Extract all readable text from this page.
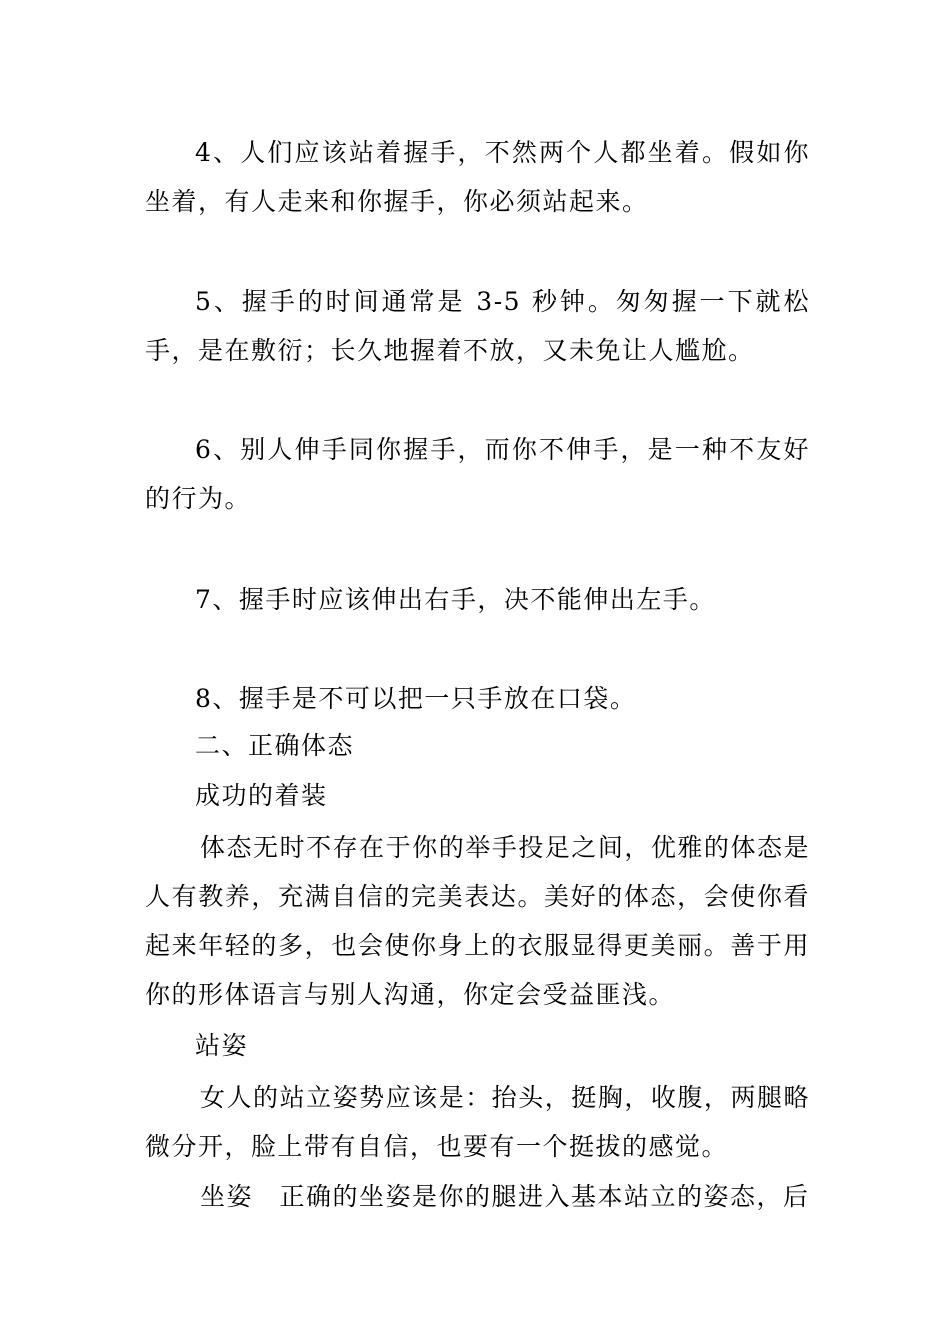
4、人们应该站着握手，不然两个人都坐着。假如你坐着，有人走来和你握手，你必须站起来。

5、握手的时间通常是 3-5 秒钟。匆匆握一下就松手，是在敷衍；长久地握着不放，又未免让人尴尬。

6、别人伸手同你握手，而你不伸手，是一种不友好的行为。

7、握手时应该伸出右手，决不能伸出左手。

8、握手是不可以把一只手放在口袋。

二、正确体态

成功的着装

体态无时不存在于你的举手投足之间，优雅的体态是人有教养，充满自信的完美表达。美好的体态，会使你看起来年轻的多，也会使你身上的衣服显得更美丽。善于用你的形体语言与别人沟通，你定会受益匪浅。

站姿

女人的站立姿势应该是：抬头，挺胸，收腹，两腿略微分开，脸上带有自信，也要有一个挺拔的感觉。

坐姿　正确的坐姿是你的腿进入基本站立的姿态，后
